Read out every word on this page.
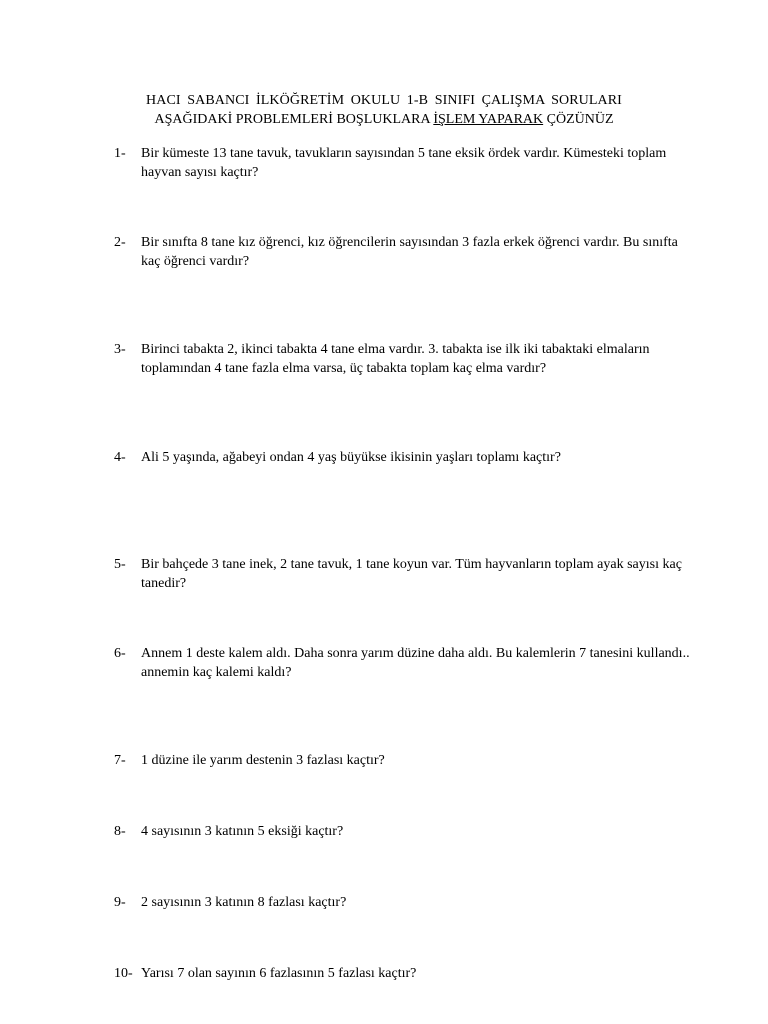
HACI SABANCI İLKÖĞRETİM OKULU 1-B SINIFI ÇALIŞMA SORULARI
AŞAĞIDAKİ PROBLEMLERİ BOŞLUKLARA İŞLEM YAPARAK ÇÖZÜNÜZ
1- Bir kümeste 13 tane tavuk, tavukların sayısından 5 tane eksik ördek vardır. Kümesteki toplam hayvan sayısı kaçtır?
2- Bir sınıfta 8 tane kız öğrenci, kız öğrencilerin sayısından 3 fazla erkek öğrenci vardır. Bu sınıfta kaç öğrenci vardır?
3- Birinci tabakta 2, ikinci tabakta 4 tane elma vardır. 3. tabakta ise ilk iki tabaktaki elmaların toplamından 4 tane fazla elma varsa, üç tabakta toplam kaç elma vardır?
4- Ali 5 yaşında, ağabeyi ondan 4 yaş büyükse ikisinin yaşları toplamı kaçtır?
5- Bir bahçede 3 tane inek, 2 tane tavuk, 1 tane koyun var. Tüm hayvanların toplam ayak sayısı kaç tanedir?
6- Annem 1 deste kalem aldı. Daha sonra yarım düzine daha aldı. Bu kalemlerin 7 tanesini kullandı.. annemin kaç kalemi kaldı?
7- 1 düzine ile yarım destenin 3 fazlası kaçtır?
8- 4 sayısının 3 katının 5 eksiği kaçtır?
9- 2 sayısının 3 katının 8 fazlası kaçtır?
10- Yarısı 7 olan sayının 6 fazlasının 5 fazlası kaçtır?
